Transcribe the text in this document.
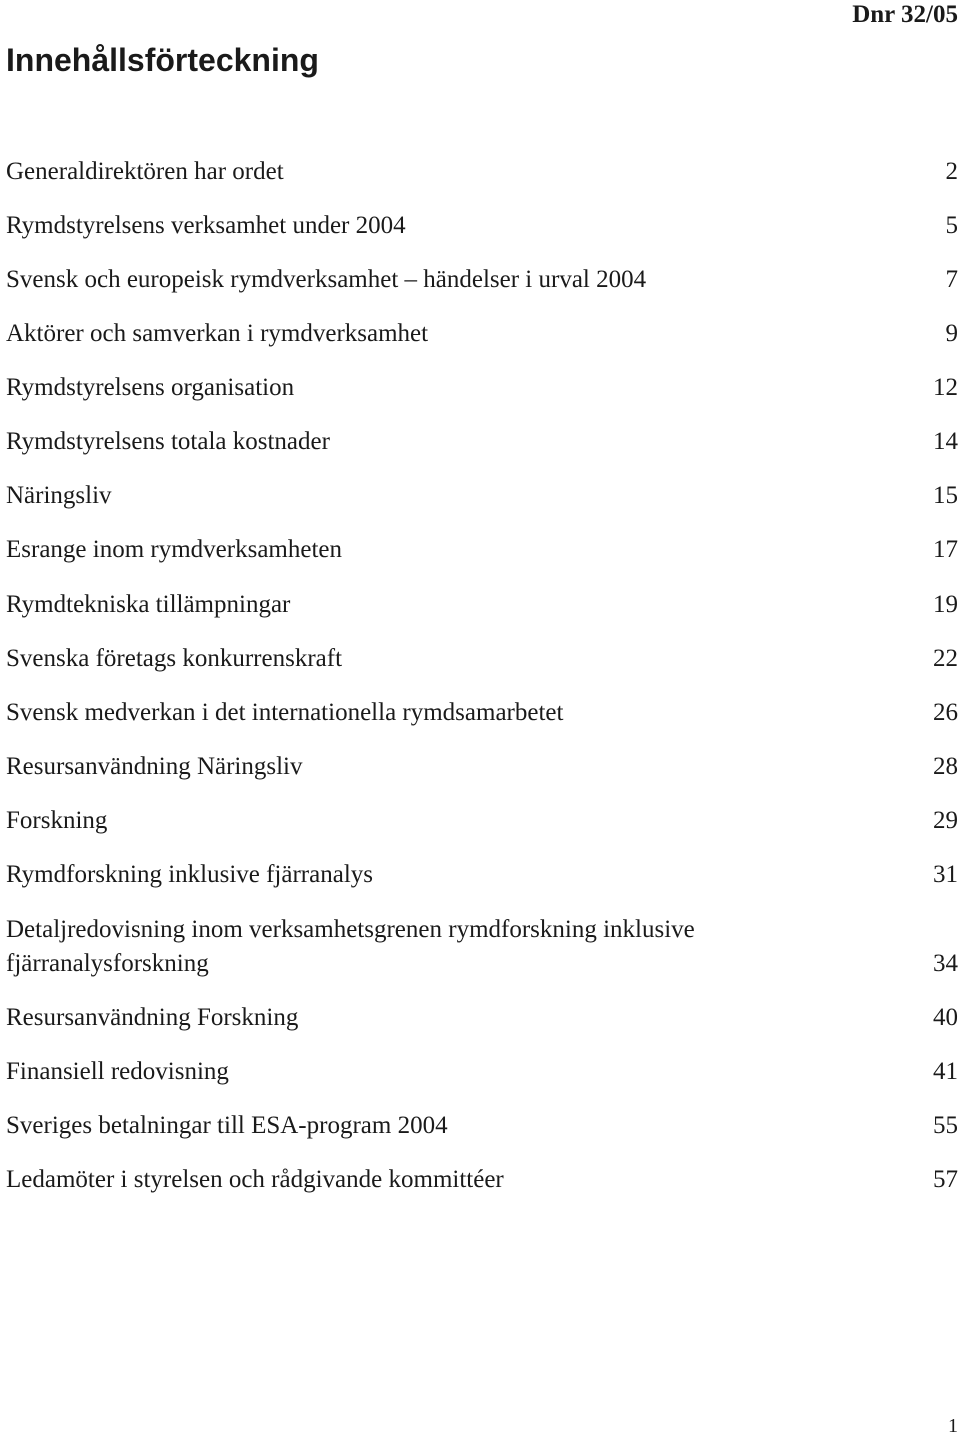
Dnr 32/05
Innehållsförteckning
Generaldirektören har ordet	2
Rymdstyrelsens verksamhet under 2004	5
Svensk och europeisk rymdverksamhet – händelser i urval 2004	7
Aktörer och samverkan i rymdverksamhet	9
Rymdstyrelsens organisation	12
Rymdstyrelsens totala kostnader	14
Näringsliv	15
Esrange inom rymdverksamheten	17
Rymdtekniska tillämpningar	19
Svenska företags konkurrenskraft	22
Svensk medverkan i det internationella rymdsamarbetet	26
Resursanvändning Näringsliv	28
Forskning	29
Rymdforskning inklusive fjärranalys	31
Detaljredovisning inom verksamhetsgrenen rymdforskning inklusive
fjärranalysforskning	34
Resursanvändning Forskning	40
Finansiell redovisning	41
Sveriges betalningar till ESA-program 2004	55
Ledamöter i styrelsen och rådgivande kommittéer	57
1
